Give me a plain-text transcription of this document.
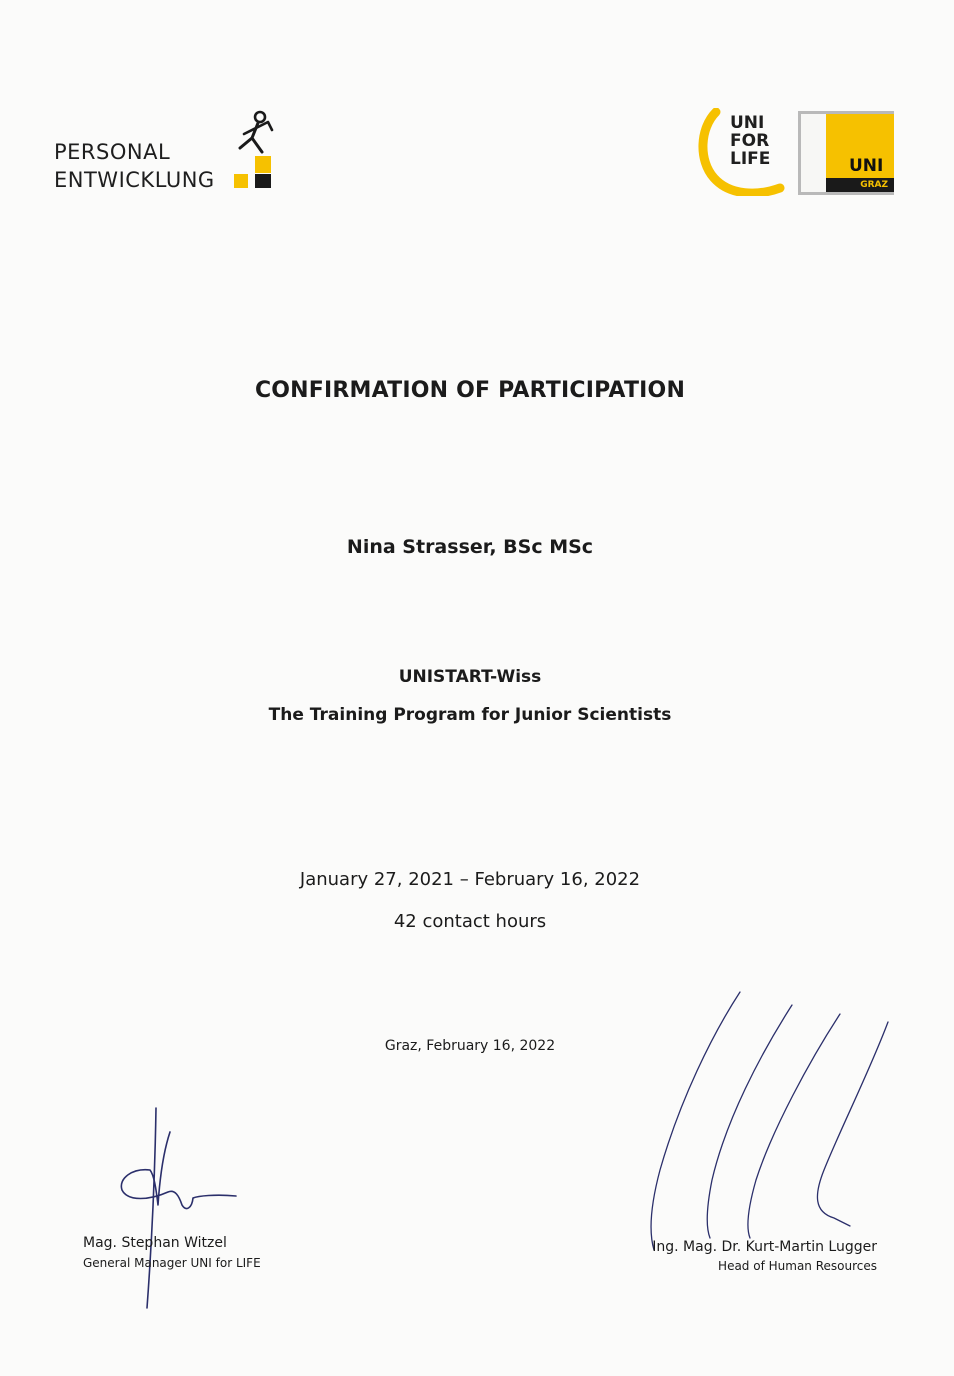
PERSONAL
ENTWICKLUNG
UNI
FOR
LIFE	UNI
GRAZ
CONFIRMATION OF PARTICIPATION
Nina Strasser, BSc MSc
UNISTART-Wiss
The Training Program for Junior Scientists
January 27, 2021 – February 16, 2022
42 contact hours
Graz, February 16, 2022
Mag. Stephan Witzel
General Manager UNI for LIFE
Ing. Mag. Dr. Kurt-Martin Lugger
Head of Human Resources
